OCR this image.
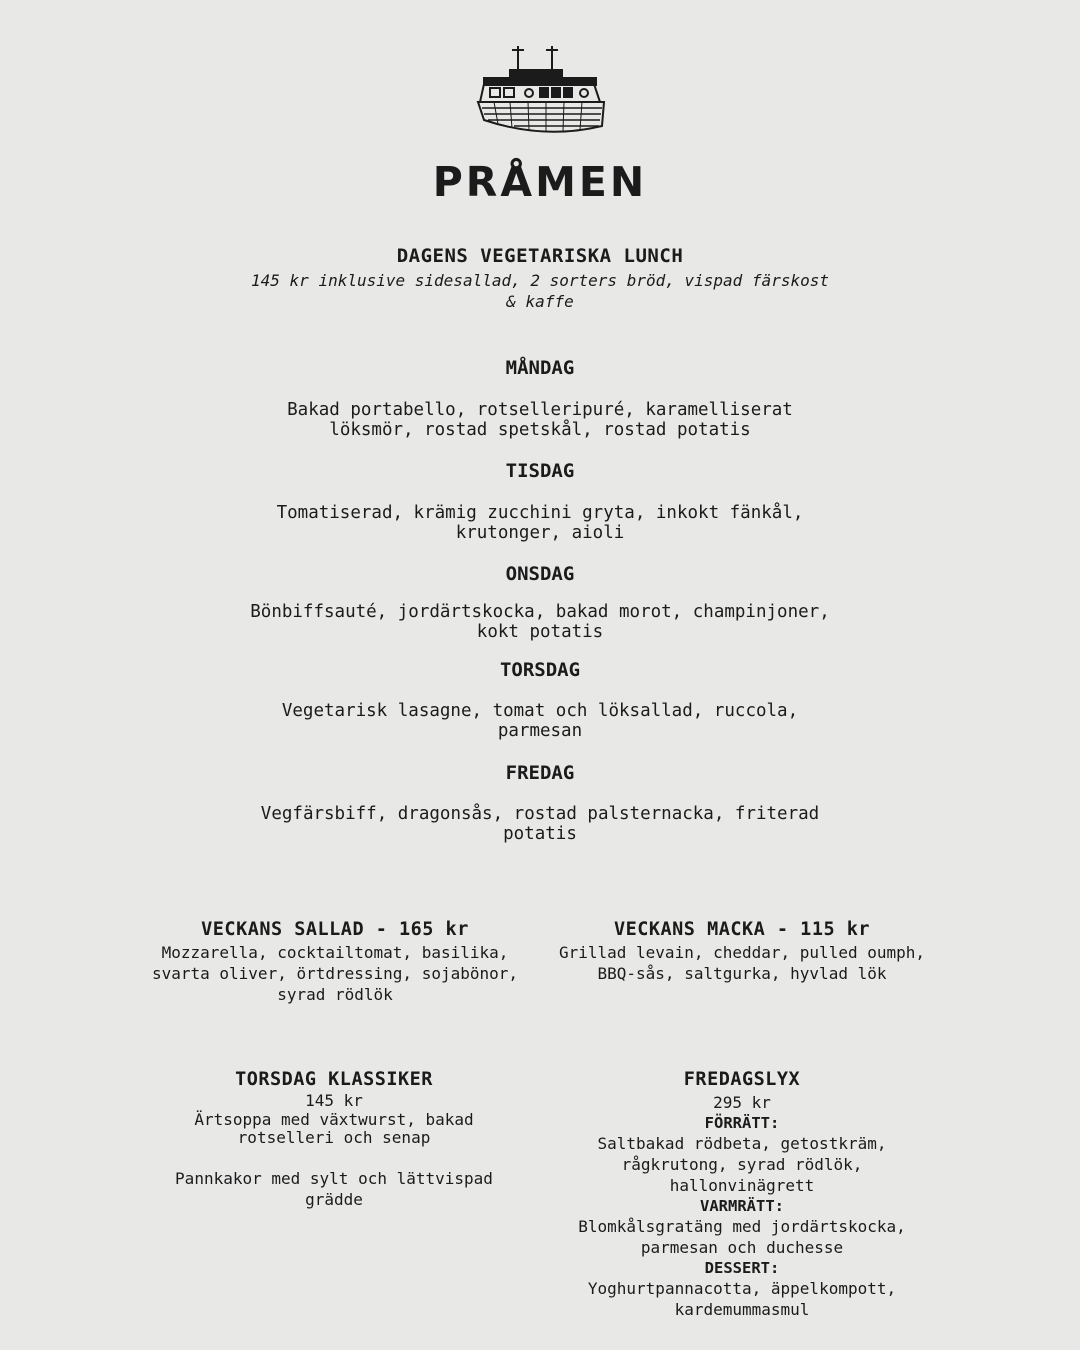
PRÅMEN
DAGENS VEGETARISKA LUNCH
145 kr inklusive sidesallad, 2 sorters bröd, vispad färskost
& kaffe
MÅNDAG
Bakad portabello, rotselleripuré, karamelliserat
löksmör, rostad spetskål, rostad potatis
TISDAG
Tomatiserad, krämig zucchini gryta, inkokt fänkål,
krutonger, aioli
ONSDAG
Bönbiffsauté, jordärtskocka, bakad morot, champinjoner,
kokt potatis
TORSDAG
Vegetarisk lasagne, tomat och löksallad, ruccola,
parmesan
FREDAG
Vegfärsbiff, dragonsås, rostad palsternacka, friterad
potatis
VECKANS SALLAD - 165 kr
Mozzarella, cocktailtomat, basilika,
svarta oliver, örtdressing, sojabönor,
syrad rödlök
VECKANS MACKA - 115 kr
Grillad levain, cheddar, pulled oumph,
BBQ-sås, saltgurka, hyvlad lök
TORSDAG KLASSIKER
145 kr
Ärtsoppa med växtwurst, bakad
rotselleri och senap
Pannkakor med sylt och lättvispad
grädde
FREDAGSLYX
295 kr
FÖRRÄTT:
Saltbakad rödbeta, getostkräm,
rågkrutong, syrad rödlök,
hallonvinägrett
VARMRÄTT:
Blomkålsgratäng med jordärtskocka,
parmesan och duchesse
DESSERT:
Yoghurtpannacotta, äppelkompott,
kardemummasmul
